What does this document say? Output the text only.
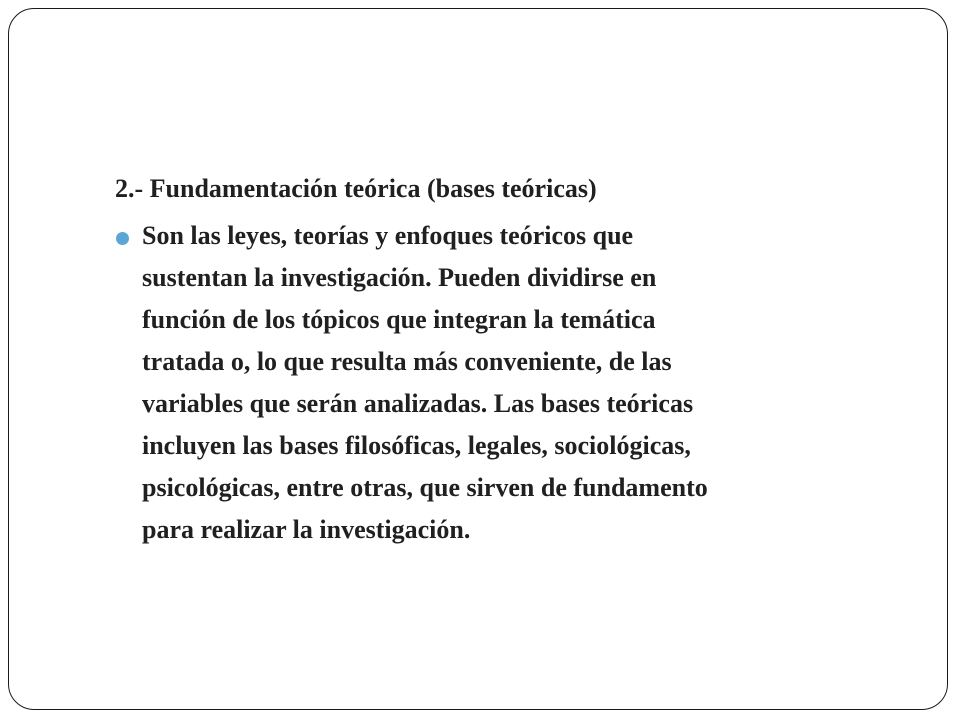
2.- Fundamentación teórica (bases teóricas)
Son las leyes, teorías y enfoques teóricos que
sustentan la investigación. Pueden dividirse en
función de los tópicos que integran la temática
tratada o, lo que resulta más conveniente, de las
variables que serán analizadas. Las bases teóricas
incluyen las bases filosóficas, legales, sociológicas,
psicológicas, entre otras, que sirven de fundamento
para realizar la investigación.
